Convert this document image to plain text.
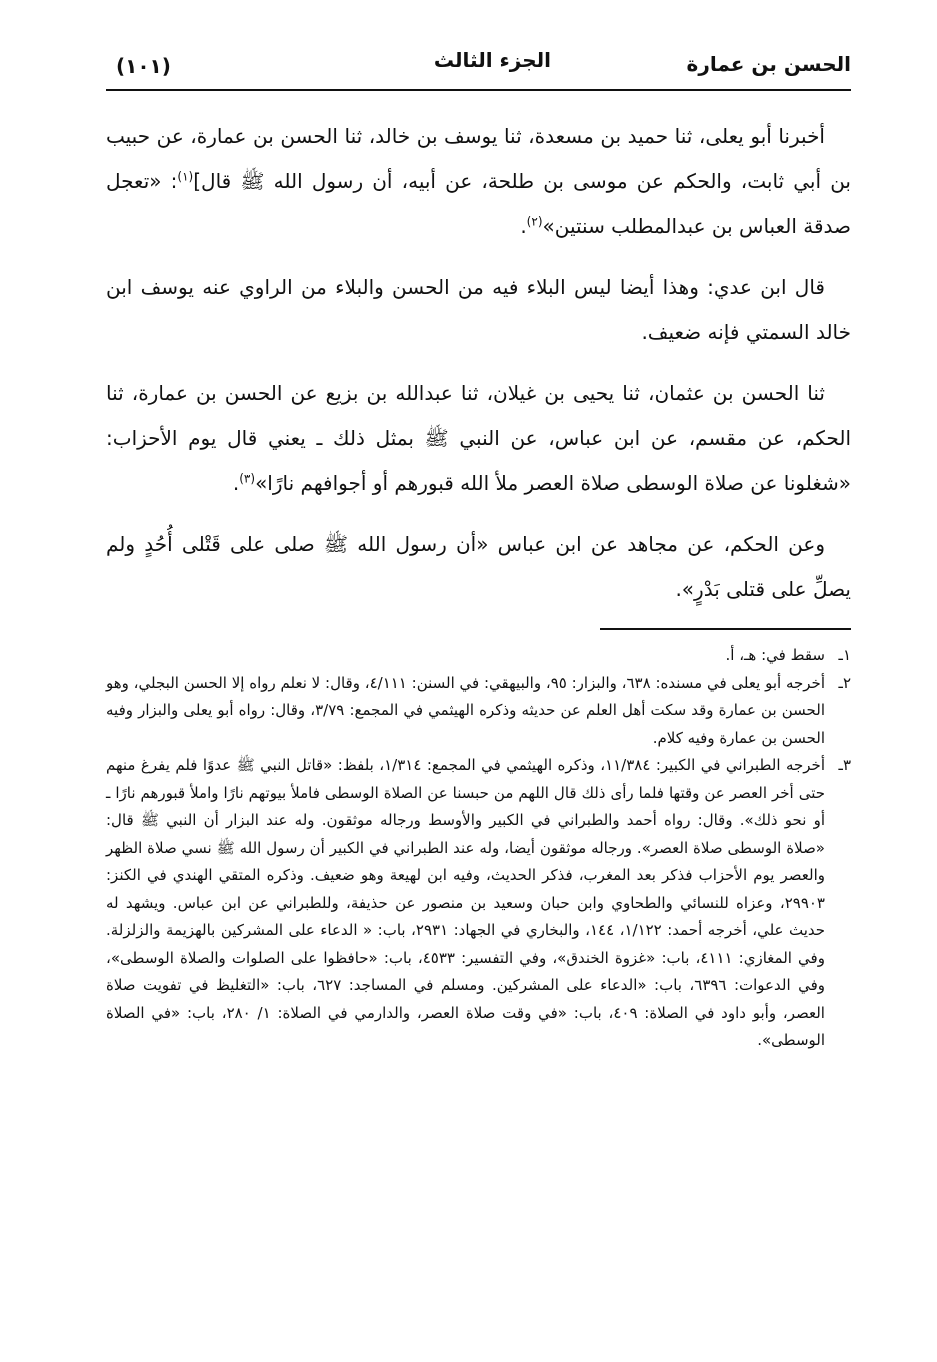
الحسن بن عمارة
الجزء الثالث
(١٠١)

أخبرنا أبو يعلى، ثنا حميد بن مسعدة، ثنا يوسف بن خالد، ثنا الحسن بن عمارة، عن حبيب بن أبي ثابت، والحكم عن موسى بن طلحة، عن أبيه، أن رسول الله ﷺ قال]$^{(١)}$: «تعجل صدقة العباس بن عبدالمطلب سنتين»$^{(٢)}$.

قال ابن عدي: وهذا أيضا ليس البلاء فيه من الحسن والبلاء من الراوي عنه يوسف ابن خالد السمتي فإنه ضعيف.

ثنا الحسن بن عثمان، ثنا يحيى بن غيلان، ثنا عبدالله بن بزيع عن الحسن بن عمارة، ثنا الحكم، عن مقسم، عن ابن عباس، عن النبي ﷺ بمثل ذلك ـ يعني قال يوم الأحزاب: «شغلونا عن صلاة الوسطى صلاة العصر ملأ الله قبورهم أو أجوافهم نارًا»$^{(٣)}$.

وعن الحكم، عن مجاهد عن ابن عباس «أن رسول الله ﷺ صلى على قَتْلى أُحُدٍ ولم يصلِّ على قتلى بَدْرٍ».

١ـ
سقط في: هـ، أ.
٢ـ
أخرجه أبو يعلى في مسنده: ٦٣٨، والبزار: ٩٥، والبيهقي: في السنن: ٤/١١١، وقال: لا نعلم رواه إلا الحسن البجلي، وهو الحسن بن عمارة وقد سكت أهل العلم عن حديثه وذكره الهيثمي في المجمع: ٣/٧٩، وقال: رواه أبو يعلى والبزار وفيه الحسن بن عمارة وفيه كلام.
٣ـ
أخرجه الطبراني في الكبير: ١١/٣٨٤، وذكره الهيثمي في المجمع: ١/٣١٤، بلفظ: «قاتل النبي ﷺ عدوًا فلم يفرغ منهم حتى أخر العصر عن وقتها فلما رأى ذلك قال اللهم من حبسنا عن الصلاة الوسطى فاملأ بيوتهم نارًا واملأ قبورهم نارًا ـ أو نحو ذلك». وقال: رواه أحمد والطبراني في الكبير والأوسط ورجاله موثقون. وله عند البزار أن النبي ﷺ قال: «صلاة الوسطى صلاة العصر». ورجاله موثقون أيضا، وله عند الطبراني في الكبير أن رسول الله ﷺ نسي صلاة الظهر والعصر يوم الأحزاب فذكر بعد المغرب، فذكر الحديث، وفيه ابن لهيعة وهو ضعيف. وذكره المتقي الهندي في الكنز: ٢٩٩٠٣، وعزاه للنسائي والطحاوي وابن حبان وسعيد بن منصور عن حذيفة، وللطبراني عن ابن عباس. ويشهد له حديث علي، أخرجه أحمد: ١/١٢٢، ١٤٤، والبخاري في الجهاد: ٢٩٣١، باب: « الدعاء على المشركين بالهزيمة والزلزلة. وفي المغازي: ٤١١١، باب: «غزوة الخندق»، وفي التفسير: ٤٥٣٣، باب: «حافظوا على الصلوات والصلاة الوسطى»، وفي الدعوات: ٦٣٩٦، باب: «الدعاء على المشركين. ومسلم في المساجد: ٦٢٧، باب: «التغليظ في تفويت صلاة العصر، وأبو داود في الصلاة: ٤٠٩، باب: «في وقت صلاة العصر، والدارمي في الصلاة: ١/ ٢٨٠، باب: «في الصلاة الوسطى».
